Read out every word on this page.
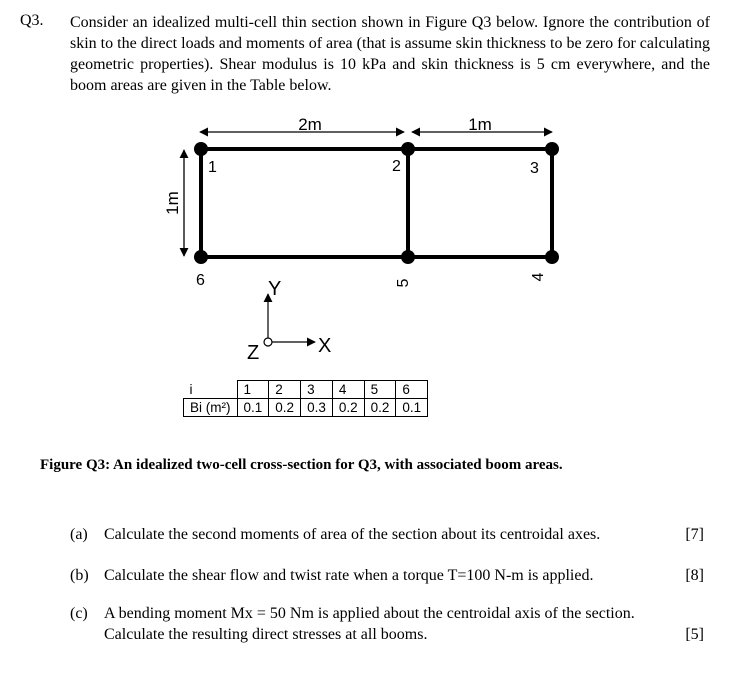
Q3. Consider an idealized multi-cell thin section shown in Figure Q3 below. Ignore the contribution of skin to the direct loads and moments of area (that is assume skin thickness to be zero for calculating geometric properties). Shear modulus is 10 kPa and skin thickness is 5 cm everywhere, and the boom areas are given in the Table below.
2m	1m
1m
1	2	3
4
5
6	Y
X
Z
i	1	2	3	4	5	6
Bi (m²)	0.1	0.2	0.3	0.2	0.2	0.1
Figure Q3: An idealized two-cell cross-section for Q3, with associated boom areas.
(a) Calculate the second moments of area of the section about its centroidal axes.	[7]
(b) Calculate the shear flow and twist rate when a torque T=100 N-m is applied.	[8]
(c) A bending moment Mx = 50 Nm is applied about the centroidal axis of the section. Calculate the resulting direct stresses at all booms.	[5]
